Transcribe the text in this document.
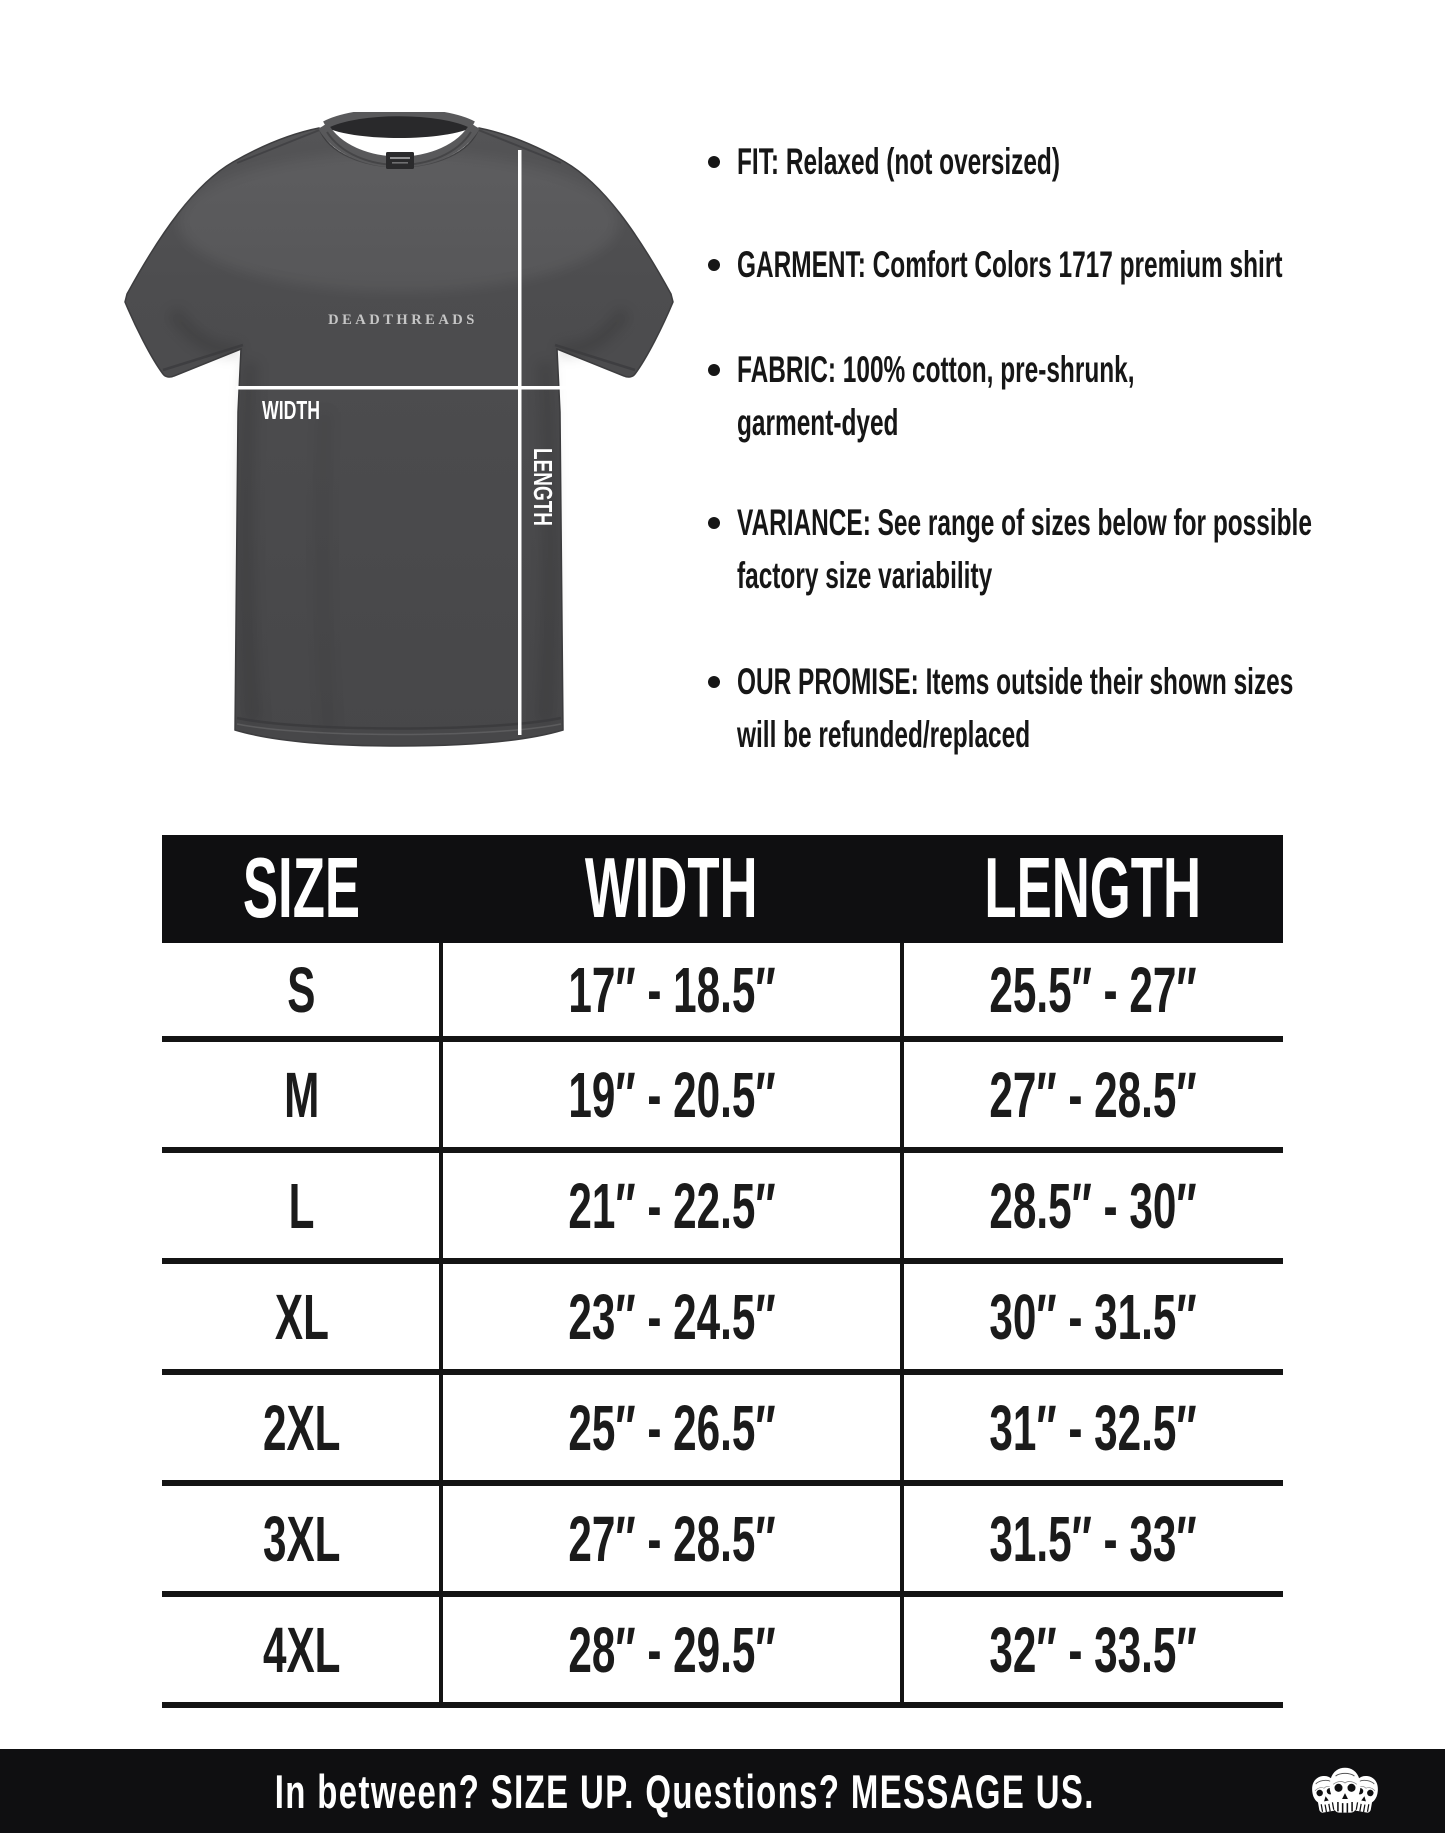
DEADTHREADS
WIDTH
LENGTH
FIT: Relaxed (not oversized)
GARMENT: Comfort Colors 1717 premium shirt
FABRIC: 100% cotton, pre-shrunk,
garment-dyed
VARIANCE: See range of sizes below for possible
factory size variability
OUR PROMISE: Items outside their shown sizes
will be refunded/replaced
SIZE	WIDTH	LENGTH
S	17″ - 18.5″	25.5″ - 27″
M	19″ - 20.5″	27″ - 28.5″
L	21″ - 22.5″	28.5″ - 30″
XL	23″ - 24.5″	30″ - 31.5″
2XL	25″ - 26.5″	31″ - 32.5″
3XL	27″ - 28.5″	31.5″ - 33″
4XL	28″ - 29.5″	32″ - 33.5″
In between? SIZE UP. Questions? MESSAGE US.
